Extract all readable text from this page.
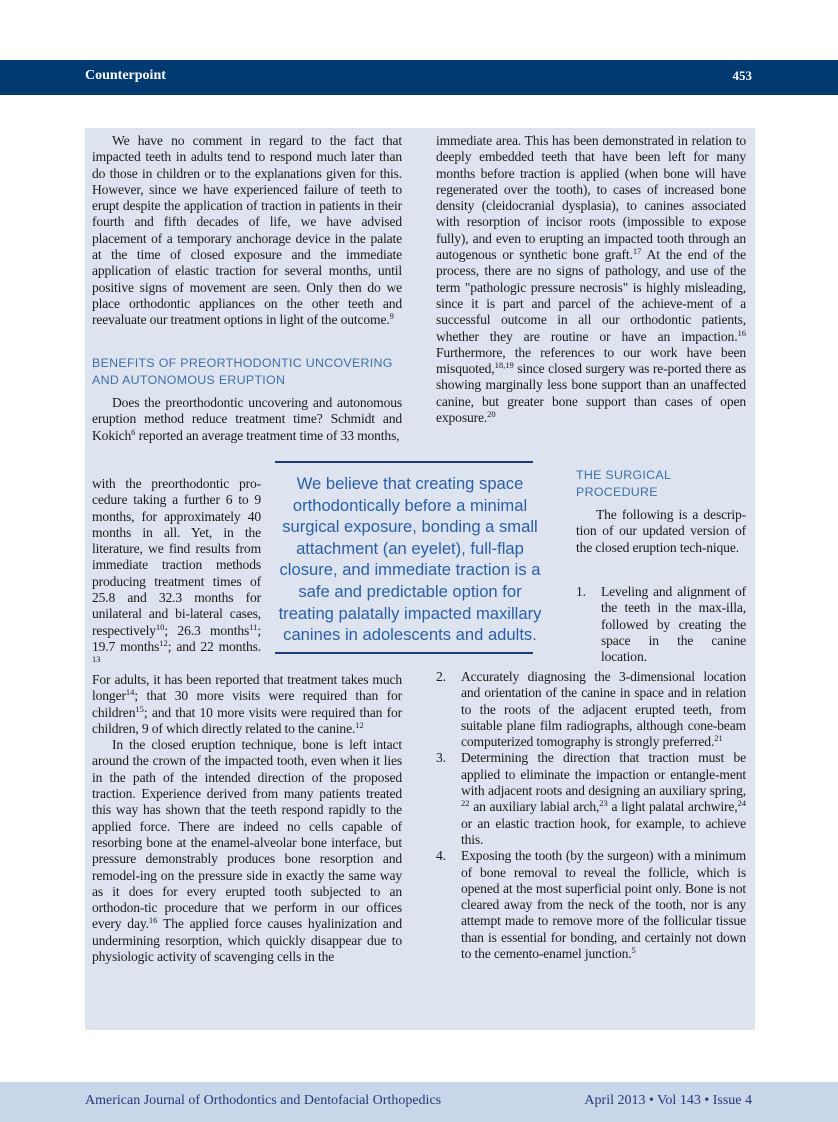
Counterpoint	453

We have no comment in regard to the fact that impacted teeth in adults tend to respond much later than do those in children or to the explanations given for this. However, since we have experienced failure of teeth to erupt despite the application of traction in patients in their fourth and fifth decades of life, we have advised placement of a temporary anchorage device in the palate at the time of closed exposure and the immediate application of elastic traction for several months, until positive signs of movement are seen. Only then do we place orthodontic appliances on the other teeth and reevaluate our treatment options in light of the outcome.^9

BENEFITS OF PREORTHODONTIC UNCOVERING
AND AUTONOMOUS ERUPTION

Does the preorthodontic uncovering and autonomous eruption method reduce treatment time? Schmidt and Kokich^6 reported an average treatment time of 33 months,

with the preorthodontic pro-cedure taking a further 6 to 9 months, for approximately 40 months in all. Yet, in the literature, we find results from immediate traction methods producing treatment times of 25.8 and 32.3 months for unilateral and bi-lateral cases, respectively^10; 26.3 months^11; 19.7 months^12; and 22 months.^13

For adults, it has been reported that treatment takes much longer^14; that 30 more visits were required than for children^15; and that 10 more visits were required than for children, 9 of which directly related to the canine.^12

In the closed eruption technique, bone is left intact around the crown of the impacted tooth, even when it lies in the path of the intended direction of the proposed traction. Experience derived from many patients treated this way has shown that the teeth respond rapidly to the applied force. There are indeed no cells capable of resorbing bone at the enamel-alveolar bone interface, but pressure demonstrably produces bone resorption and remodel-ing on the pressure side in exactly the same way as it does for every erupted tooth subjected to an orthodon-tic procedure that we perform in our offices every day.^16 The applied force causes hyalinization and undermining resorption, which quickly disappear due to physiologic activity of scavenging cells in the

We believe that creating space orthodontically before a minimal surgical exposure, bonding a small attachment (an eyelet), full-flap closure, and immediate traction is a safe and predictable option for treating palatally impacted maxillary canines in adolescents and adults.

immediate area. This has been demonstrated in relation to deeply embedded teeth that have been left for many months before traction is applied (when bone will have regenerated over the tooth), to cases of increased bone density (cleidocranial dysplasia), to canines associated with resorption of incisor roots (impossible to expose fully), and even to erupting an impacted tooth through an autogenous or synthetic bone graft.^17 At the end of the process, there are no signs of pathology, and use of the term "pathologic pressure necrosis" is highly misleading, since it is part and parcel of the achieve-ment of a successful outcome in all our orthodontic patients, whether they are routine or have an impaction.^16 Furthermore, the references to our work have been misquoted,^18,19 since closed surgery was re-ported there as showing marginally less bone support than an unaffected canine, but greater bone support than cases of open exposure.^20

THE SURGICAL
PROCEDURE

The following is a descrip-tion of our updated version of the closed eruption tech-nique.

1. Leveling and alignment of the teeth in the max-illa, followed by creating the space in the canine location.
2. Accurately diagnosing the 3-dimensional location and orientation of the canine in space and in relation to the roots of the adjacent erupted teeth, from suitable plane film radiographs, although cone-beam computerized tomography is strongly preferred.^21
3. Determining the direction that traction must be applied to eliminate the impaction or entangle-ment with adjacent roots and designing an auxiliary spring,^22 an auxiliary labial arch,^23 a light palatal archwire,^24 or an elastic traction hook, for example, to achieve this.
4. Exposing the tooth (by the surgeon) with a minimum of bone removal to reveal the follicle, which is opened at the most superficial point only. Bone is not cleared away from the neck of the tooth, nor is any attempt made to remove more of the follicular tissue than is essential for bonding, and certainly not down to the cemento-enamel junction.^5
American Journal of Orthodontics and Dentofacial Orthopedics	April 2013 • Vol 143 • Issue 4
